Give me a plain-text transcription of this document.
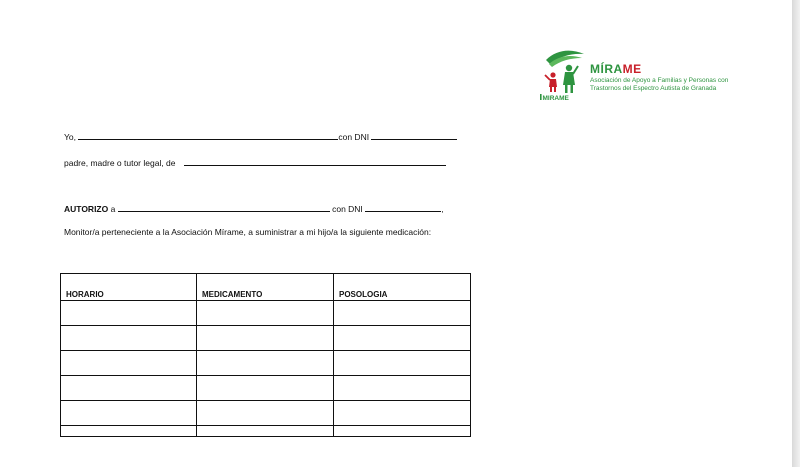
MIRAME
MÍRAME
Asociación de Apoyo a Familias y Personas con
Trastornos del Espectro Autista de Granada
Yo,	con DNI
padre, madre o tutor legal, de
AUTORIZO a	con DNI	,
Monitor/a perteneciente a la Asociación Mírame, a suministrar a mi hijo/a la siguiente medicación:
HORARIO	MEDICAMENTO	POSOLOGIA
